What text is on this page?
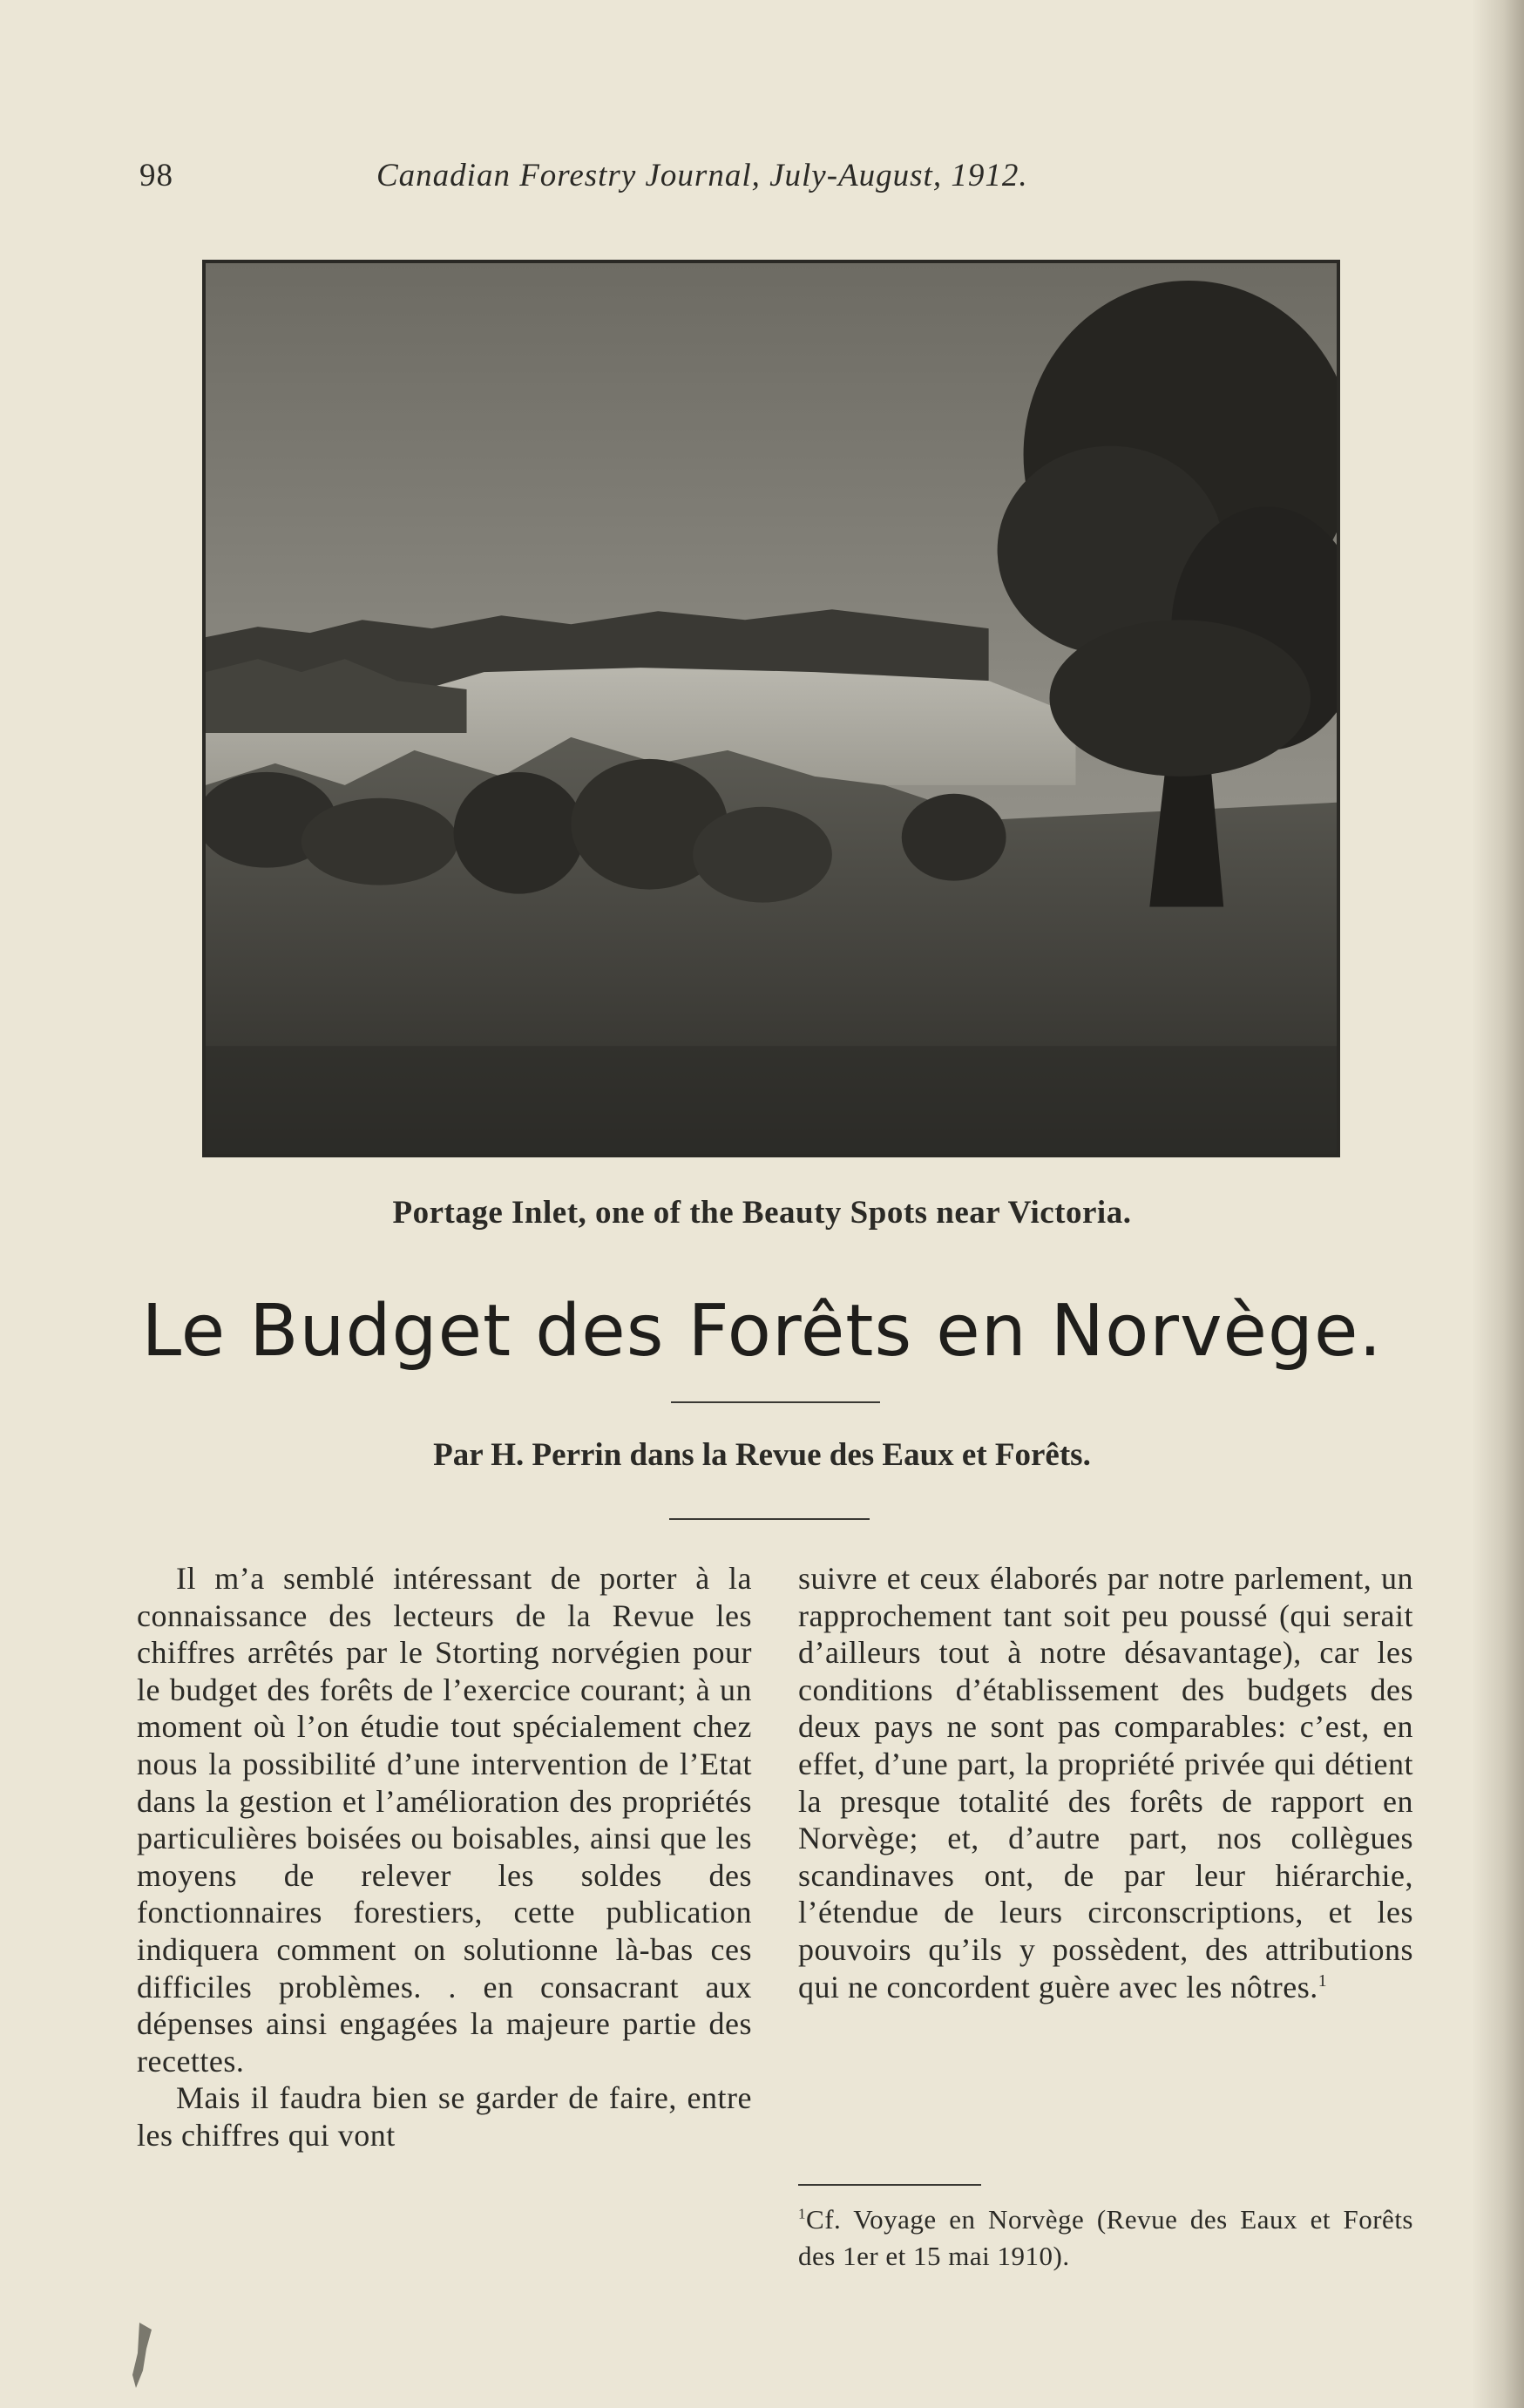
98	Canadian Forestry Journal, July-August, 1912.
Portage Inlet, one of the Beauty Spots near Victoria.
Le Budget des Forêts en Norvège.
Par H. Perrin dans la Revue des Eaux et Forêts.

Il m’a semblé intéressant de porter à la connaissance des lecteurs de la Revue les chiffres arrêtés par le Storting norvégien pour le budget des forêts de l’exercice courant; à un moment où l’on étudie tout spécialement chez nous la possibilité d’une intervention de l’Etat dans la gestion et l’amélioration des propriétés particulières boisées ou boisables, ainsi que les moyens de relever les soldes des fonctionnaires forestiers, cette publication indiquera comment on solutionne là-bas ces difficiles problèmes. . en consacrant aux dépenses ainsi engagées la majeure partie des recettes.

Mais il faudra bien se garder de faire, entre les chiffres qui vont

suivre et ceux élaborés par notre parlement, un rapprochement tant soit peu poussé (qui serait d’ailleurs tout à notre désavantage), car les conditions d’établissement des budgets des deux pays ne sont pas comparables: c’est, en effet, d’une part, la propriété privée qui détient la presque totalité des forêts de rapport en Norvège; et, d’autre part, nos collègues scandinaves ont, de par leur hiérarchie, l’étendue de leurs circonscriptions, et les pouvoirs qu’ils y possèdent, des attributions qui ne concordent guère avec les nôtres.$^1$

$^1$Cf. Voyage en Norvège (Revue des Eaux et Forêts des 1er et 15 mai 1910).
